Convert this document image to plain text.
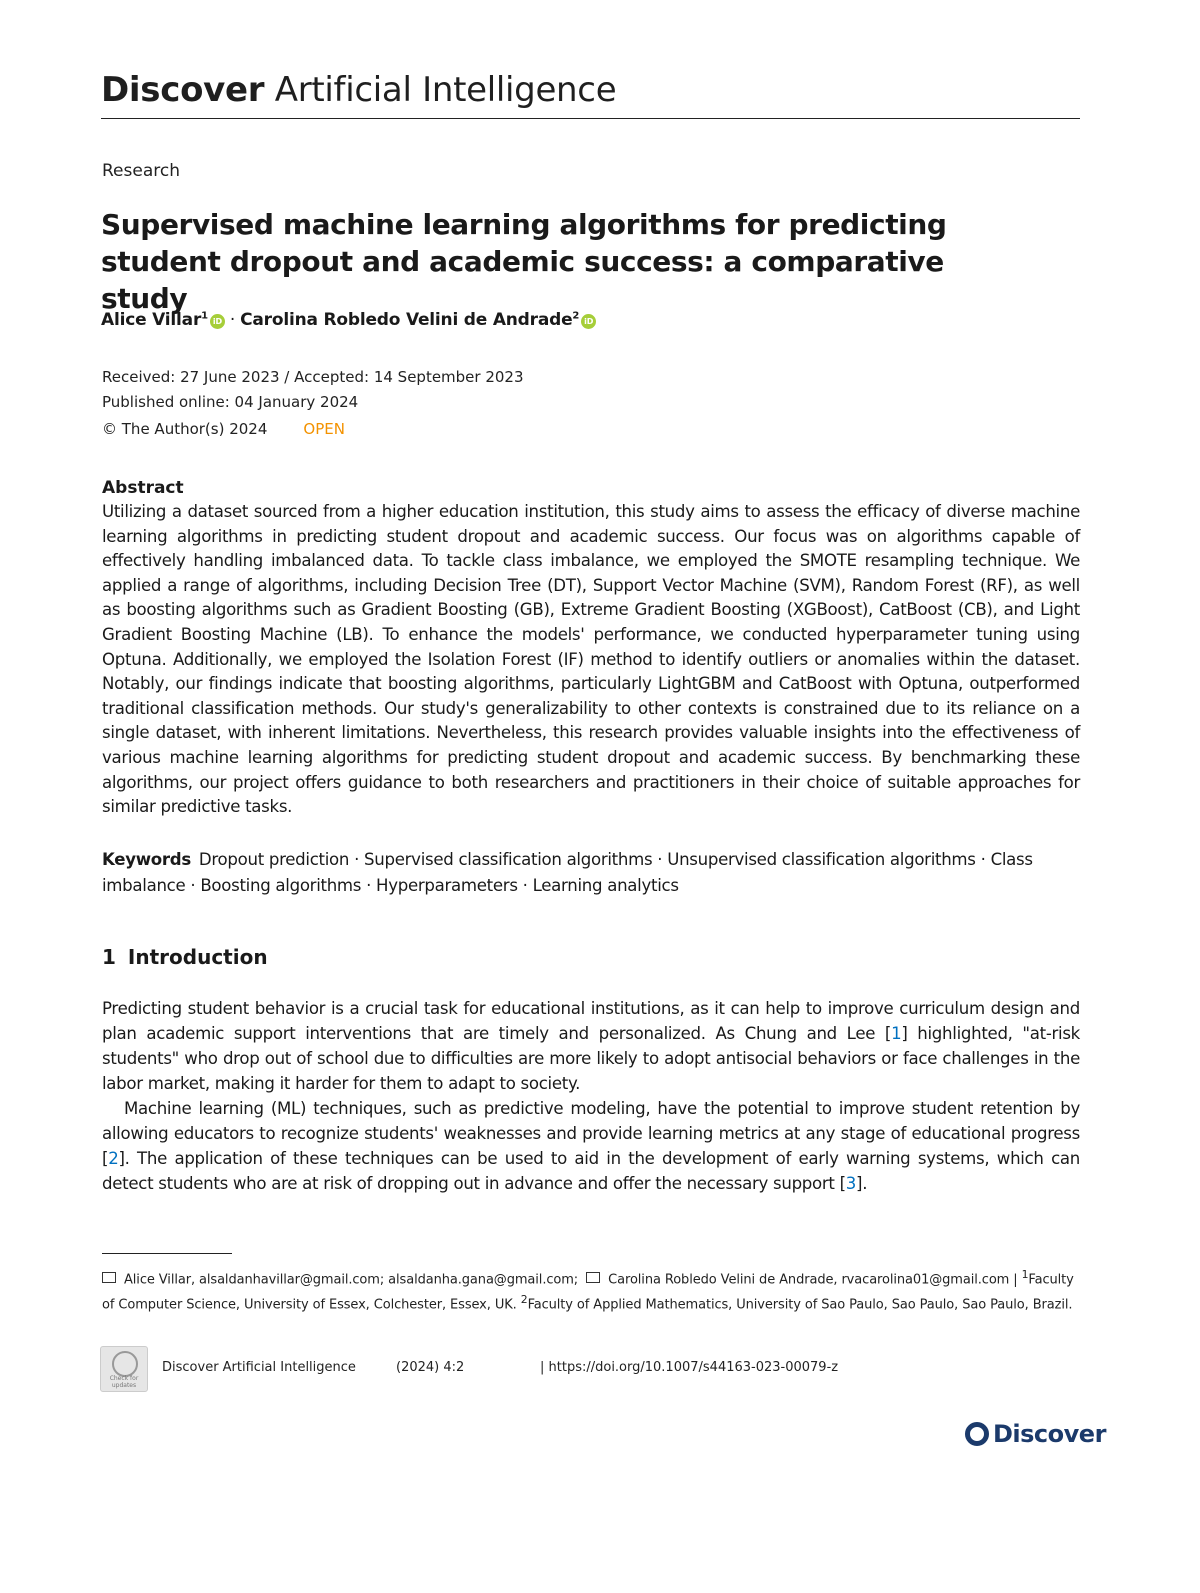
Discover Artificial Intelligence
Research
Supervised machine learning algorithms for predicting student dropout and academic success: a comparative study
Alice Villar$^1$iD · Carolina Robledo Velini de Andrade$^2$iD
Received: 27 June 2023 / Accepted: 14 September 2023
Published online: 04 January 2024
© The Author(s) 2024 OPEN
Abstract
Utilizing a dataset sourced from a higher education institution, this study aims to assess the efficacy of diverse machine learning algorithms in predicting student dropout and academic success. Our focus was on algorithms capable of effectively handling imbalanced data. To tackle class imbalance, we employed the SMOTE resampling technique. We applied a range of algorithms, including Decision Tree (DT), Support Vector Machine (SVM), Random Forest (RF), as well as boosting algorithms such as Gradient Boosting (GB), Extreme Gradient Boosting (XGBoost), CatBoost (CB), and Light Gradient Boosting Machine (LB). To enhance the models' performance, we conducted hyperparameter tuning using Optuna. Additionally, we employed the Isolation Forest (IF) method to identify outliers or anomalies within the dataset. Notably, our findings indicate that boosting algorithms, particularly LightGBM and CatBoost with Optuna, outperformed traditional classification methods. Our study's generalizability to other contexts is constrained due to its reliance on a single dataset, with inherent limitations. Nevertheless, this research provides valuable insights into the effectiveness of various machine learning algorithms for predicting student dropout and academic success. By benchmarking these algorithms, our project offers guidance to both researchers and practitioners in their choice of suitable approaches for similar predictive tasks.
Keywords Dropout prediction · Supervised classification algorithms · Unsupervised classification algorithms · Class imbalance · Boosting algorithms · Hyperparameters · Learning analytics
1 Introduction
Predicting student behavior is a crucial task for educational institutions, as it can help to improve curriculum design and plan academic support interventions that are timely and personalized. As Chung and Lee [1] highlighted, "at-risk students" who drop out of school due to difficulties are more likely to adopt antisocial behaviors or face challenges in the labor market, making it harder for them to adapt to society.
Machine learning (ML) techniques, such as predictive modeling, have the potential to improve student retention by allowing educators to recognize students' weaknesses and provide learning metrics at any stage of educational progress [2]. The application of these techniques can be used to aid in the development of early warning systems, which can detect students who are at risk of dropping out in advance and offer the necessary support [3].
Alice Villar, alsaldanhavillar@gmail.com; alsaldanha.gana@gmail.com; Carolina Robledo Velini de Andrade, rvacarolina01@gmail.com | $^1$Faculty of Computer Science, University of Essex, Colchester, Essex, UK. $^2$Faculty of Applied Mathematics, University of Sao Paulo, Sao Paulo, Sao Paulo, Brazil.
Check for updates
Discover Artificial Intelligence	(2024) 4:2	| https://doi.org/10.1007/s44163-023-00079-z
Discover
